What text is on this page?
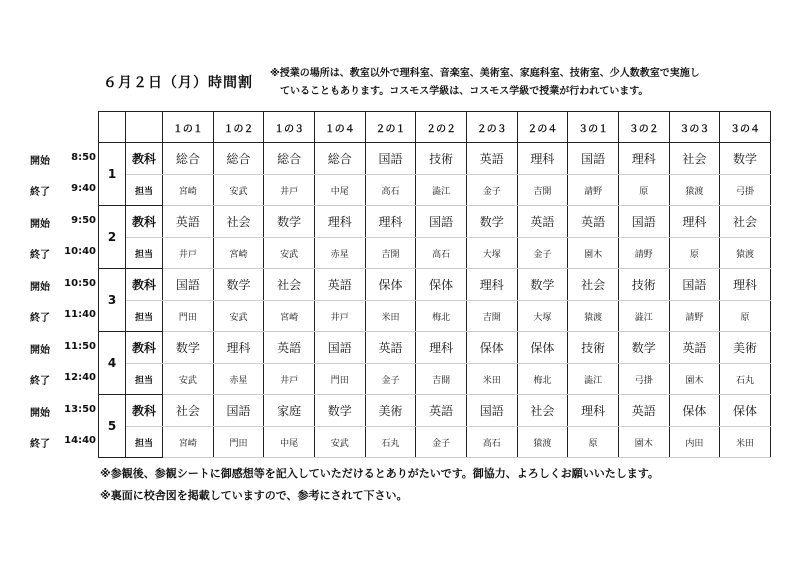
６月２日（月）時間割
※授業の場所は、教室以外で理科室、音楽室、美術室、家庭科室、技術室、少人数教室で実施し
ていることもあります。コスモス学級は、コスモス学級で授業が行われています。
開始 8:50
終了 9:40
開始 9:50
終了 10:40
開始 10:50
終了 11:40
開始 11:50
終了 12:40
開始 13:50
終了 14:40
		１の１	１の２	１の３	１の４	２の１	２の２	２の３	２の４	３の１	３の２	３の３	３の４
1	教科	総合	総合	総合	総合	国語	技術	英語	理科	国語	理科	社会	数学
	担当	宮崎	安武	井戸	中尾	高石	澁江	金子	吉開	請野	原	猿渡	弓掛
2	教科	英語	社会	数学	理科	理科	国語	数学	英語	英語	国語	理科	社会
	担当	井戸	宮崎	安武	赤星	吉開	高石	大塚	金子	園木	請野	原	猿渡
3	教科	国語	数学	社会	英語	保体	保体	理科	数学	社会	技術	国語	理科
	担当	門田	安武	宮崎	井戸	米田	梅北	吉開	大塚	猿渡	澁江	請野	原
4	教科	数学	理科	英語	国語	英語	理科	保体	保体	技術	数学	英語	美術
	担当	安武	赤星	井戸	門田	金子	吉開	米田	梅北	澁江	弓掛	園木	石丸
5	教科	社会	国語	家庭	数学	美術	英語	国語	社会	理科	英語	保体	保体
	担当	宮崎	門田	中尾	安武	石丸	金子	高石	猿渡	原	園木	内田	米田
※参観後、参観シートに御感想等を記入していただけるとありがたいです。御協力、よろしくお願いいたします。
※裏面に校舎図を掲載していますので、参考にされて下さい。
